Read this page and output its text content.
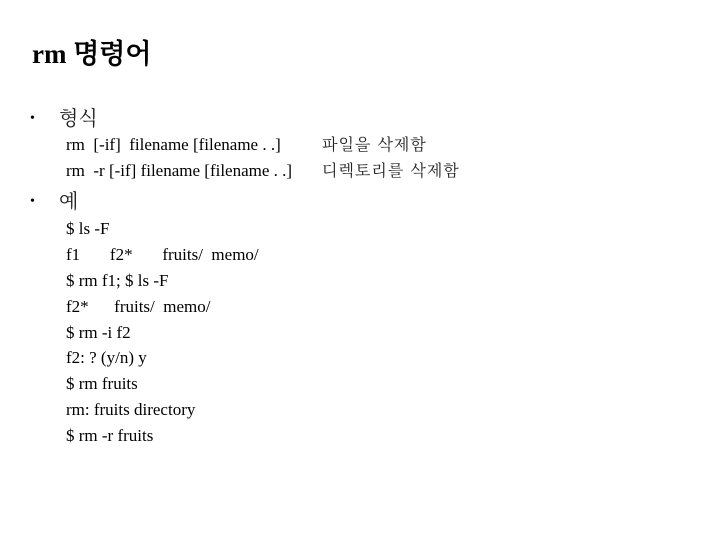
rm 명령어
• 형식
rm  [-if]  filename [filename . .]	파일을 삭제함
rm  -r [-if] filename [filename . .] 디렉토리를 삭제함
• 예
$ ls -F
f1       f2*       fruits/  memo/
$ rm f1; $ ls -F
f2*      fruits/  memo/
$ rm -i f2
f2: ? (y/n) y
$ rm fruits
rm: fruits directory
$ rm -r fruits
